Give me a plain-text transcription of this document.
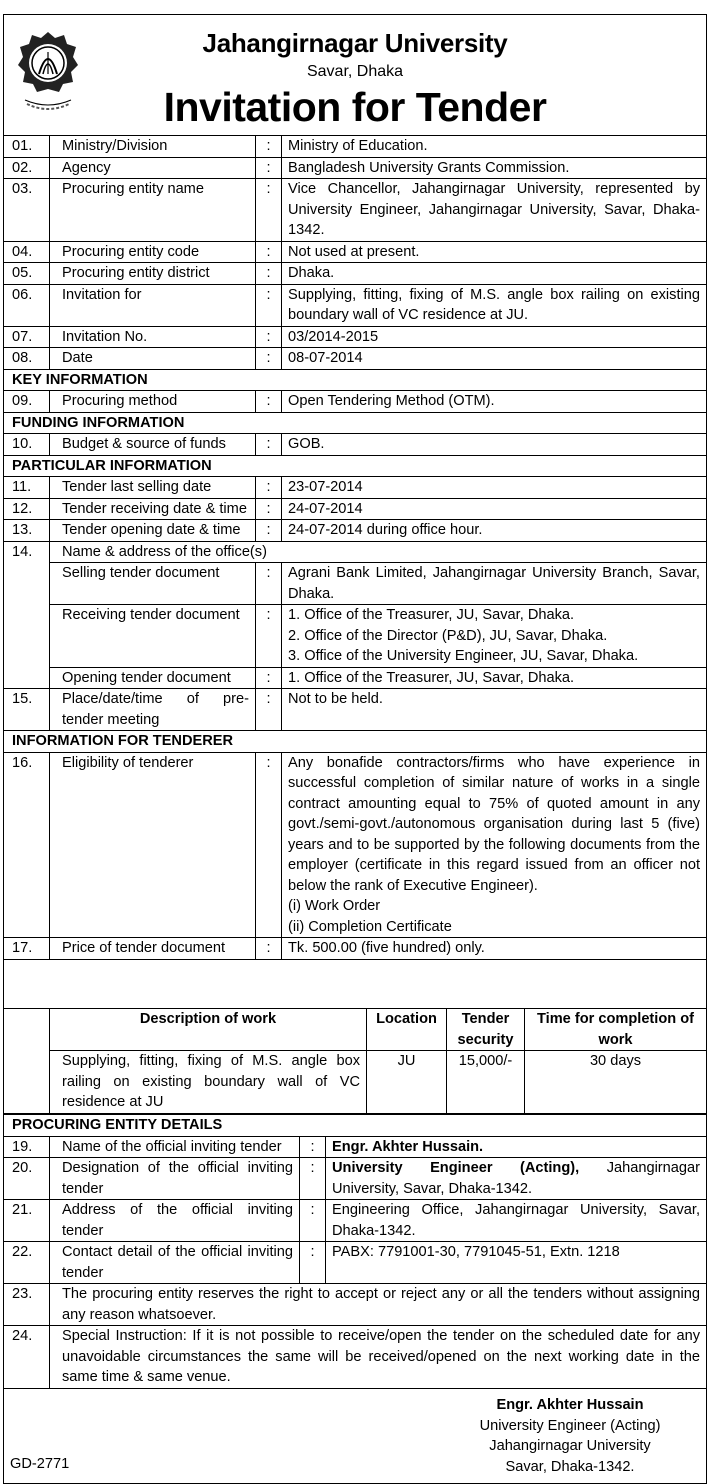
Jahangirnagar University
Savar, Dhaka
Invitation for Tender
01.	Ministry/Division	:	Ministry of Education.
02.	Agency	:	Bangladesh University Grants Commission.
03.	Procuring entity name	:	Vice Chancellor, Jahangirnagar University, represented by University Engineer, Jahangirnagar University, Savar, Dhaka-1342.
04.	Procuring entity code	:	Not used at present.
05.	Procuring entity district	:	Dhaka.
06.	Invitation for	:	Supplying, fitting, fixing of M.S. angle box railing on existing boundary wall of VC residence at JU.
07.	Invitation No.	:	03/2014-2015
08.	Date	:	08-07-2014
KEY INFORMATION			
09.	Procuring method	:	Open Tendering Method (OTM).
FUNDING INFORMATION			
10.	Budget & source of funds	:	GOB.
PARTICULAR INFORMATION			
11.	Tender last selling date	:	23-07-2014
12.	Tender receiving date & time	:	24-07-2014
13.	Tender opening date & time	:	24-07-2014 during office hour.
14.	Name & address of the office(s)		
	Selling tender document	:	Agrani Bank Limited, Jahangirnagar University Branch, Savar, Dhaka.
	Receiving tender document	:	1. Office of the Treasurer, JU, Savar, Dhaka.
2. Office of the Director (P&D), JU, Savar, Dhaka.
3. Office of the University Engineer, JU, Savar, Dhaka.

	Opening tender document	:	1. Office of the Treasurer, JU, Savar, Dhaka.
15.	Place/date/time of pre-tender meeting	:	Not to be held.
INFORMATION FOR TENDERER			
16.	Eligibility of tenderer	:	Any bonafide contractors/firms who have experience in successful completion of similar nature of works in a single contract amounting equal to 75% of quoted amount in any govt./semi-govt./autonomous organisation during last 5 (five) years and to be supported by the following documents from the employer (certificate in this regard issued from an officer not below the rank of Executive Engineer).
(i) Work Order
(ii) Completion Certificate

17.	Price of tender document	:	Tk. 500.00 (five hundred) only.
	Description of work	Location	Tender security	Time for completion of work
	Supplying, fitting, fixing of M.S. angle box railing on existing boundary wall of VC residence at JU	JU	15,000/-	30 days
PROCURING ENTITY DETAILS			
19.	Name of the official inviting tender	:	Engr. Akhter Hussain.
20.	Designation of the official inviting tender	:	University Engineer (Acting), Jahangirnagar University, Savar, Dhaka-1342.
21.	Address of the official inviting tender	:	Engineering Office, Jahangirnagar University, Savar, Dhaka-1342.
22.	Contact detail of the official inviting tender	:	PABX: 7791001-30, 7791045-51, Extn. 1218
23.	The procuring entity reserves the right to accept or reject any or all the tenders without assigning any reason whatsoever.		
24.	Special Instruction: If it is not possible to receive/open the tender on the scheduled date for any unavoidable circumstances the same will be received/opened on the next working date in the same time & same venue.		
Engr. Akhter Hussain
University Engineer (Acting)
Jahangirnagar University
Savar, Dhaka-1342.
GD-2771
